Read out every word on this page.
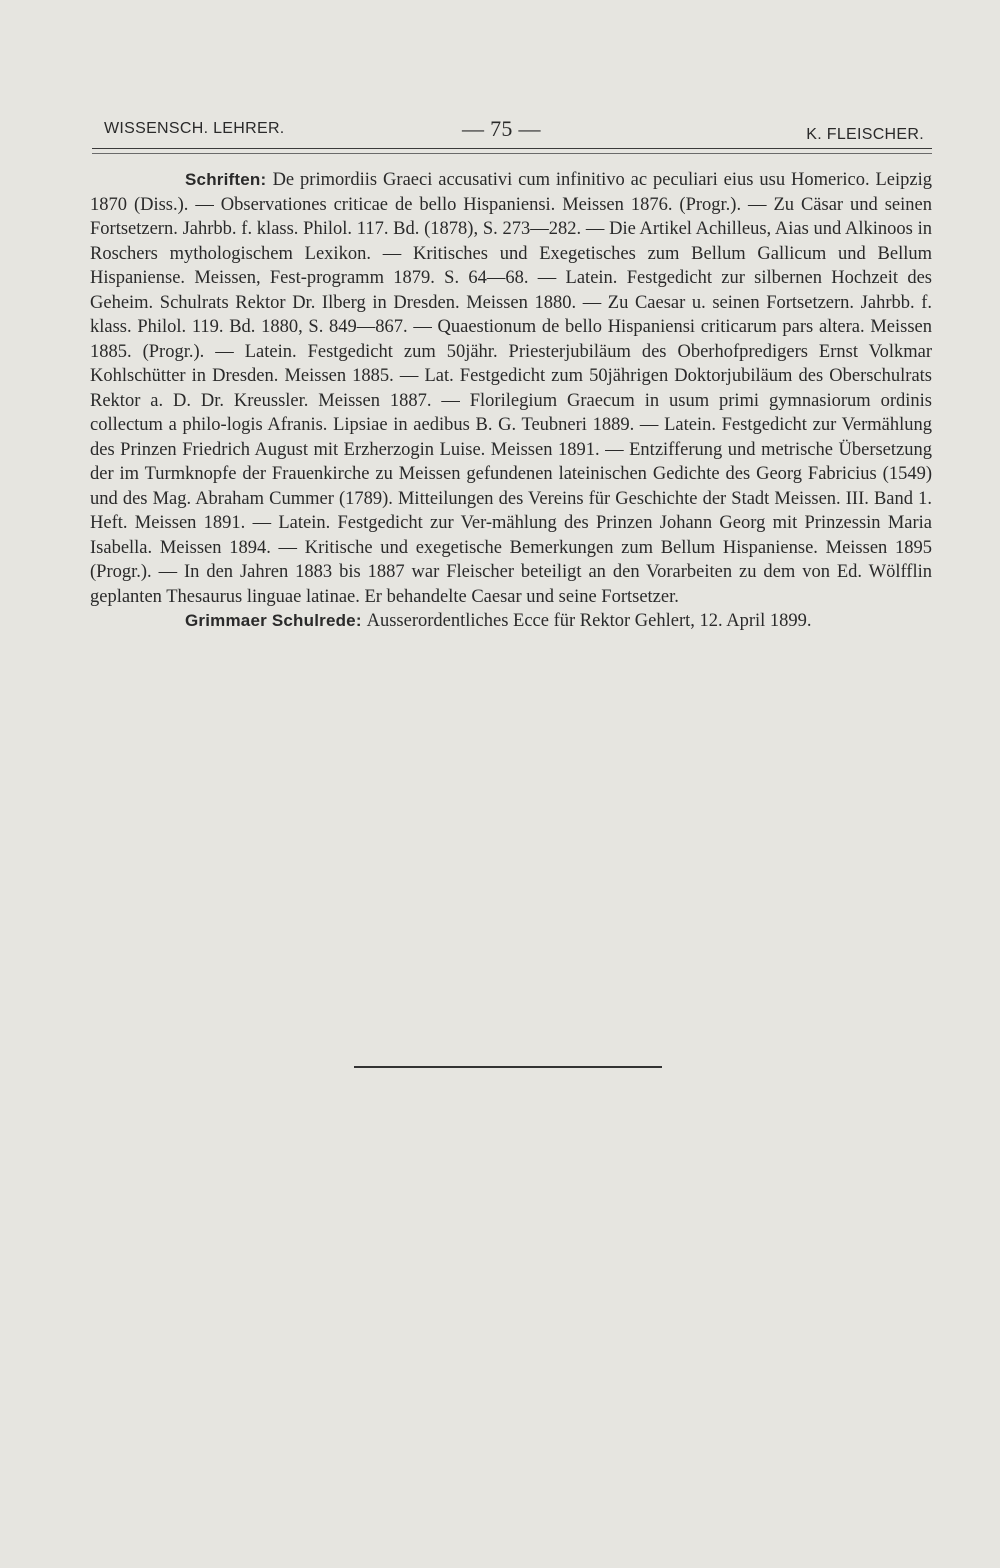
WISSENSCH. LEHRER.	— 75 —	K. FLEISCHER.

Schriften: De primordiis Graeci accusativi cum infinitivo ac peculiari eius usu Homerico. Leipzig 1870 (Diss.). — Observationes criticae de bello Hispaniensi. Meissen 1876. (Progr.). — Zu Cäsar und seinen Fortsetzern. Jahrbb. f. klass. Philol. 117. Bd. (1878), S. 273—282. — Die Artikel Achilleus, Aias und Alkinoos in Roschers mythologischem Lexikon. — Kritisches und Exegetisches zum Bellum Gallicum und Bellum Hispaniense. Meissen, Fest-programm 1879. S. 64—68. — Latein. Festgedicht zur silbernen Hochzeit des Geheim. Schulrats Rektor Dr. Ilberg in Dresden. Meissen 1880. — Zu Caesar u. seinen Fortsetzern. Jahrbb. f. klass. Philol. 119. Bd. 1880, S. 849—867. — Quaestionum de bello Hispaniensi criticarum pars altera. Meissen 1885. (Progr.). — Latein. Festgedicht zum 50jähr. Priesterjubiläum des Oberhofpredigers Ernst Volkmar Kohlschütter in Dresden. Meissen 1885. — Lat. Festgedicht zum 50jährigen Doktorjubiläum des Oberschulrats Rektor a. D. Dr. Kreussler. Meissen 1887. — Florilegium Graecum in usum primi gymnasiorum ordinis collectum a philo-logis Afranis. Lipsiae in aedibus B. G. Teubneri 1889. — Latein. Festgedicht zur Vermählung des Prinzen Friedrich August mit Erzherzogin Luise. Meissen 1891. — Entzifferung und metrische Übersetzung der im Turmknopfe der Frauenkirche zu Meissen gefundenen lateinischen Gedichte des Georg Fabricius (1549) und des Mag. Abraham Cummer (1789). Mitteilungen des Vereins für Geschichte der Stadt Meissen. III. Band 1. Heft. Meissen 1891. — Latein. Festgedicht zur Ver-mählung des Prinzen Johann Georg mit Prinzessin Maria Isabella. Meissen 1894. — Kritische und exegetische Bemerkungen zum Bellum Hispaniense. Meissen 1895 (Progr.). — In den Jahren 1883 bis 1887 war Fleischer beteiligt an den Vorarbeiten zu dem von Ed. Wölfflin geplanten Thesaurus linguae latinae. Er behandelte Caesar und seine Fortsetzer.

Grimmaer Schulrede: Ausserordentliches Ecce für Rektor Gehlert, 12. April 1899.
